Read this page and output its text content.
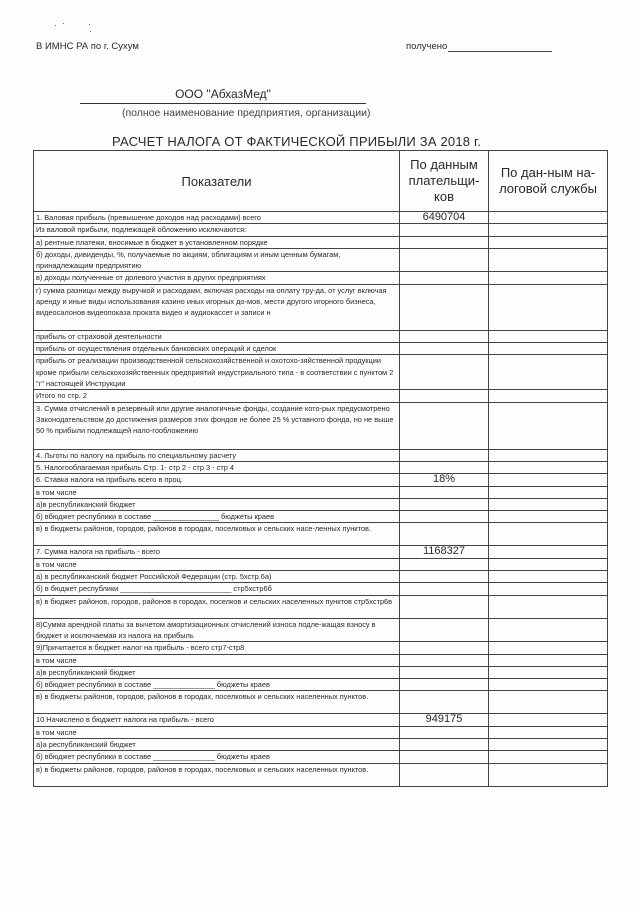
· ·	·
·
В ИМНС РА по г. Сухум	получено
ООО "АбхазМед"
(полное наименование предприятия, организации)
РАСЧЕТ НАЛОГА ОТ ФАКТИЧЕСКОЙ ПРИБЫЛИ ЗА 2018 г.
Показатели	По данным плательщи-ков	По дан-ным на-логовой службы
1. Валовая прибыль (превышение доходов над расходами) всего	6490704	
Из валовой прибыли, подлежащей обложению исключаются:		
а) рентные платежи, вносимые в бюджет в установленном порядке		
б) доходы, дивиденды, %, получаемые по акциям, облигациям и иным ценным бумагам, принадлежащим предприятию		
в) доходы полученные от долевого участия в других предприятиях		
г) сумма разницы между выручкой и расходами, включая расходы на оплату тру-да, от услуг включая аренду и иные виды использования казино иных игорных до-мов, мести другого игорного бизнеса, видеосалонов видеопоказа проката видео и аудиокассет и записи н		
прибыль от страховой деятельности		
прибыль от осуществления отдельных банковских операций и сделок		
прибыль от реализации производственной сельскохозяйственной и охотохо-зяйственной продукции кроме прибыли сельскохозяйственных предприятий индустриального типа - в соответствии с пунктом 2 "г" настоящей Инструкции		
Итого по стр. 2		
3. Сумма отчислений в резервный или другие аналогичные фонды, создание кото-рых предусмотрено Законодательством до достижения размеров зтих фондов не более 25 % уставного фонда, но не выше 50 % прибыли подлежащей нало-гообложению		
4. Льготы по налогу на прибыль по специальному расчету		
5. Налогооблагаемая прибыль Стр. 1- стр 2 - стр 3 - стр 4		
6. Ставка налога на прибыль всего в проц.	18%	
в том числе		
а)в республиканский бюджет		
б) вбюджет республики в составе ________________ бюджеты краев		
в) в бюджеты районов, городов, районов в городах, поселковых и сельских насе-ленных пунктов.		
7. Сумма налога на прибыль - всего	1168327	
в том числе		
а) в республиканский бюджет Российской Федерации (стр. 5хстр.6а)		
б) в бюджет республики ___________________________ стр5хстр6б		
в) в бюджет районов, городов, районов в городах, поселков и сельских населенных пунктов стр5хстр6в		
8)Сумма арендной платы за вычетом амортизационных отчислений износа подле-жащая взносу в бюджет и исключаемая из налога на прибыль		
9)Причитается в бюджет налог на прибыль - всего стр7-стр8		
в том числе		
а)в республиканский бюджет		
б) вбюджет республики в составе _______________ бюджеты краев		
в) в бюджеты районов, городов, районов в городах, поселковых и сельских населенных пунктов.		
10 Начислено в бюджетт налога на прибыль - всего	949175	
в том числе		
а)а республиканский бюджет		
б) вбюджет республики в составе _______________ бюджеты краев		
в) в бюджеты районов, городов, районов в городах, поселковых и сельских населенных пунктов.		
